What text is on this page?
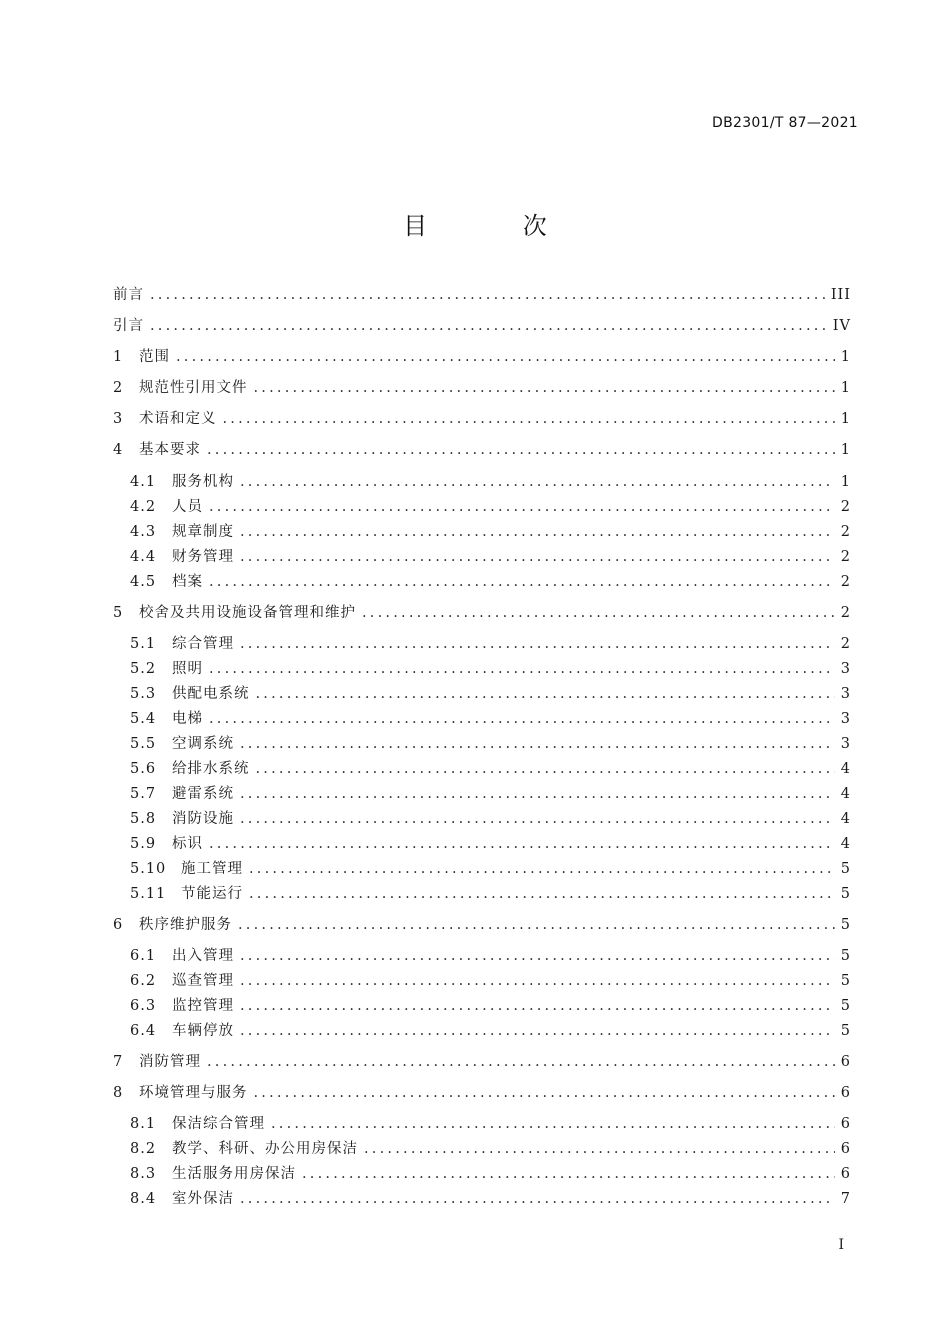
DB2301/T 87—2021
目 次
前言 .....	III
引言 .....	IV
1 范围 .....	1
2 规范性引用文件 .....	1
3 术语和定义 .....	1
4 基本要求 .....	1
4.1 服务机构 .....	1
4.2 人员 .....	2
4.3 规章制度 .....	2
4.4 财务管理 .....	2
4.5 档案 .....	2
5 校舍及共用设施设备管理和维护 .....	2
5.1 综合管理 .....	2
5.2 照明 .....	3
5.3 供配电系统 .....	3
5.4 电梯 .....	3
5.5 空调系统 .....	3
5.6 给排水系统 .....	4
5.7 避雷系统 .....	4
5.8 消防设施 .....	4
5.9 标识 .....	4
5.10 施工管理 .....	5
5.11 节能运行 .....	5
6 秩序维护服务 .....	5
6.1 出入管理 .....	5
6.2 巡查管理 .....	5
6.3 监控管理 .....	5
6.4 车辆停放 .....	5
7 消防管理 .....	6
8 环境管理与服务 .....	6
8.1 保洁综合管理 .....	6
8.2 教学、科研、办公用房保洁 .....	6
8.3 生活服务用房保洁 .....	6
8.4 室外保洁 .....	7
I
